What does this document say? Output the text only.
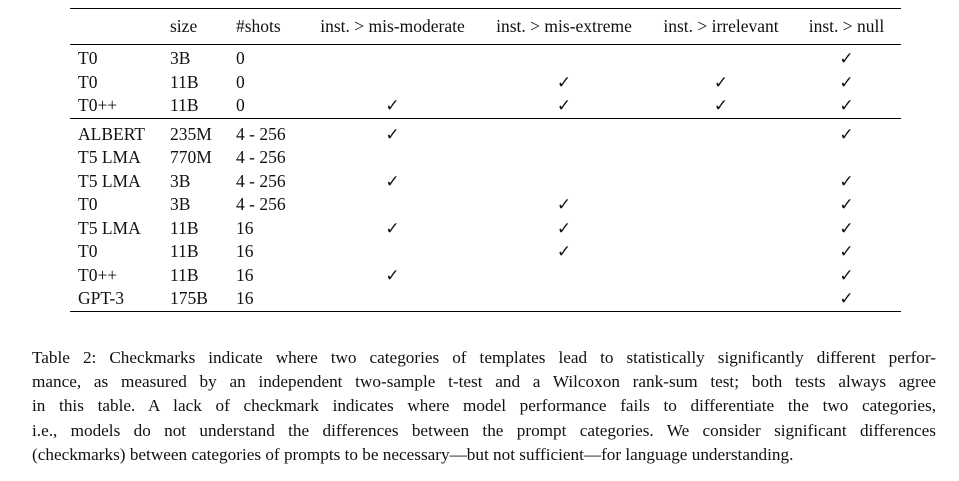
	size	#shots	inst. > mis-moderate	inst. > mis-extreme	inst. > irrelevant	inst. > null
T0	3B	0				✓
T0	11B	0		✓	✓	✓
T0++	11B	0	✓	✓	✓	✓
ALBERT	235M	4 - 256	✓			✓
T5 LMA	770M	4 - 256				
T5 LMA	3B	4 - 256	✓			✓
T0	3B	4 - 256		✓		✓
T5 LMA	11B	16	✓	✓		✓
T0	11B	16		✓		✓
T0++	11B	16	✓			✓
GPT-3	175B	16				✓

Table 2: Checkmarks indicate where two categories of templates lead to statistically significantly different perfor-
mance, as measured by an independent two-sample t-test and a Wilcoxon rank-sum test; both tests always agree
in this table. A lack of checkmark indicates where model performance fails to differentiate the two categories,
i.e., models do not understand the differences between the prompt categories. We consider significant differences
(checkmarks) between categories of prompts to be necessary—but not sufficient—for language understanding.
